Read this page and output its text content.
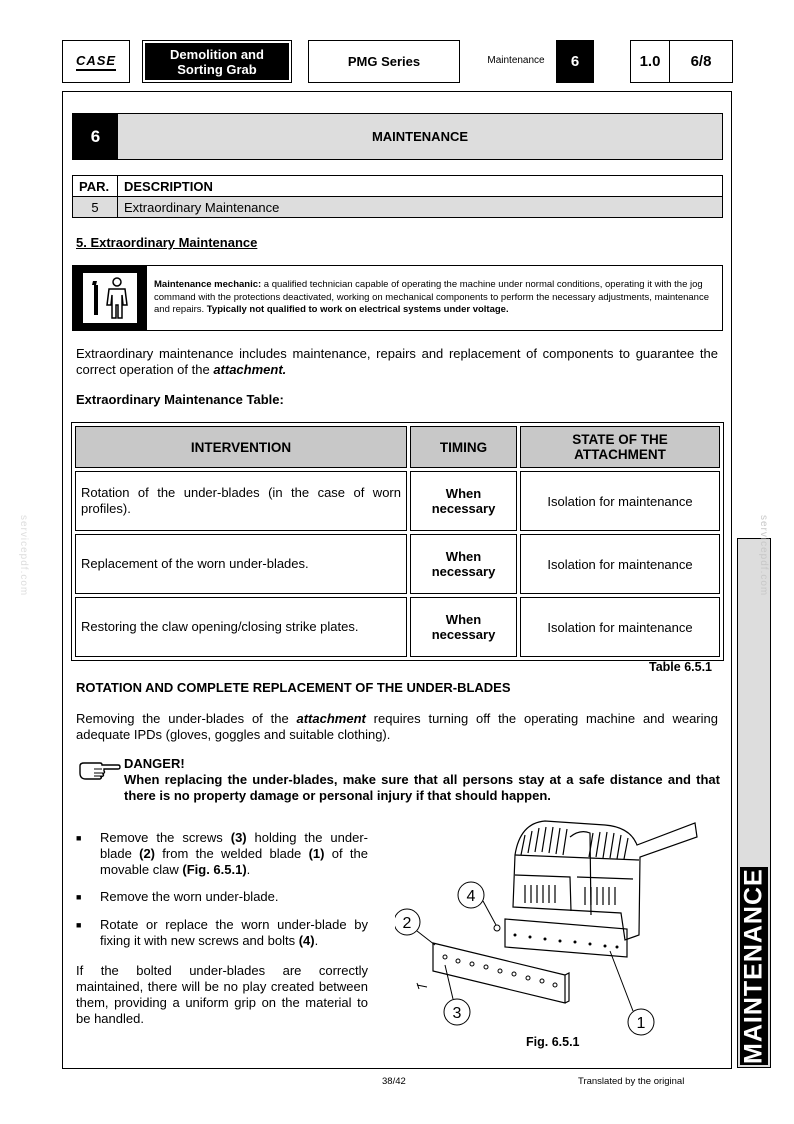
CASE	Demolition and
Sorting Grab	PMG Series	Maintenance	6	1.0 6/8
6	MAINTENANCE
PAR.	DESCRIPTION
5	Extraordinary Maintenance
5. Extraordinary Maintenance
Maintenance mechanic: a qualified technician capable of operating the machine under normal conditions, operating it with the jog command with the protections deactivated, working on mechanical components to perform the necessary adjustments, maintenance and repairs. Typically not qualified to work on electrical systems under voltage.
Extraordinary maintenance includes maintenance, repairs and replacement of components to guarantee the correct operation of the attachment.
Extraordinary Maintenance Table:
INTERVENTION	TIMING	STATE OF THE ATTACHMENT
Rotation of the under-blades (in the case of worn profiles).	When necessary	Isolation for maintenance
Replacement of the worn under-blades.	When necessary	Isolation for maintenance
Restoring the claw opening/closing strike plates.	When necessary	Isolation for maintenance
Table 6.5.1
ROTATION AND COMPLETE REPLACEMENT OF THE UNDER-BLADES
Removing the under-blades of the attachment requires turning off the operating machine and wearing adequate IPDs (gloves, goggles and suitable clothing).
DANGER!
When replacing the under-blades, make sure that all persons stay at a safe distance and that there is no property damage or personal injury if that should happen.
■ Remove the screws (3) holding the under-blade (2) from the welded blade (1) of the movable claw (Fig. 6.5.1).
■ Remove the worn under-blade.
■ Rotate or replace the worn under-blade by fixing it with new screws and bolts (4).
If the bolted under-blades are correctly maintained, there will be no play created between them, providing a uniform grip on the material to be handled.
4
2
3
1
Fig. 6.5.1	MAINTENANCE
servicepdf.com	servicepdf.com
38/42	Translated by the original
